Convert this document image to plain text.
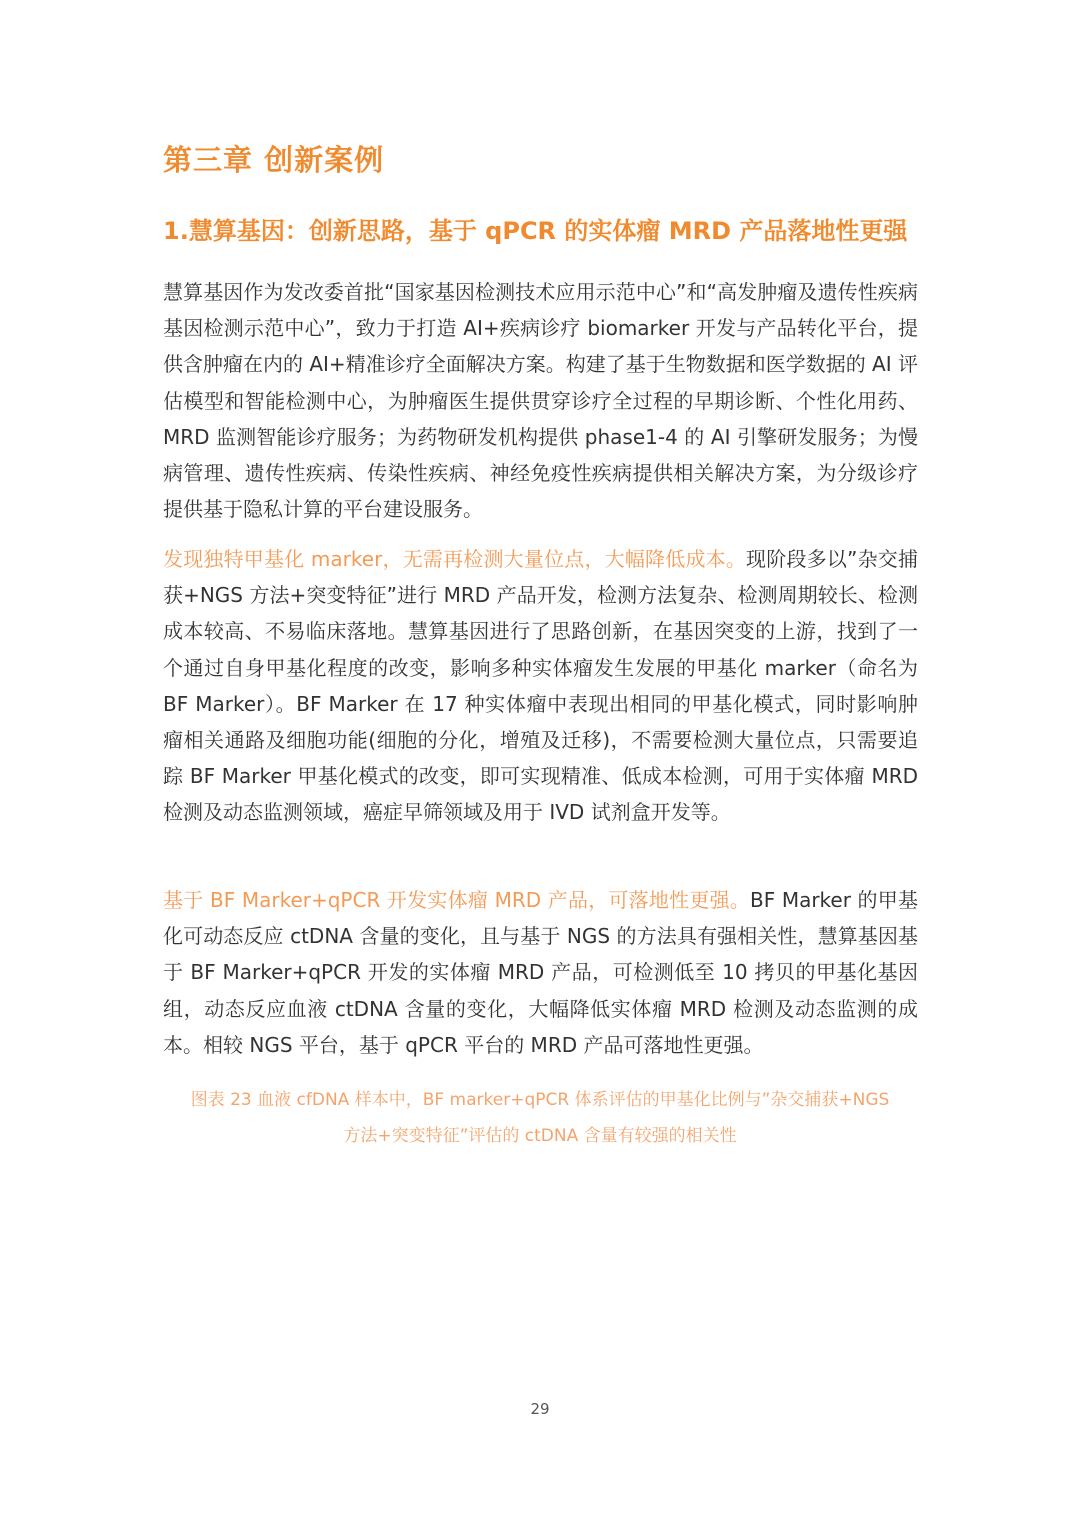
第三章 创新案例
1.慧算基因：创新思路，基于 qPCR 的实体瘤 MRD 产品落地性更强

慧算基因作为发改委首批“国家基因检测技术应用示范中心”和“高发肿瘤及遗传性疾病基因检测示范中心”，致力于打造 AI+疾病诊疗 biomarker 开发与产品转化平台，提供含肿瘤在内的 AI+精准诊疗全面解决方案。构建了基于生物数据和医学数据的 AI 评估模型和智能检测中心，为肿瘤医生提供贯穿诊疗全过程的早期诊断、个性化用药、MRD 监测智能诊疗服务；为药物研发机构提供 phase1-4 的 AI 引擎研发服务；为慢病管理、遗传性疾病、传染性疾病、神经免疫性疾病提供相关解决方案，为分级诊疗提供基于隐私计算的平台建设服务。

发现独特甲基化 marker，无需再检测大量位点，大幅降低成本。现阶段多以”杂交捕获+NGS 方法+突变特征”进行 MRD 产品开发，检测方法复杂、检测周期较长、检测成本较高、不易临床落地。慧算基因进行了思路创新，在基因突变的上游，找到了一个通过自身甲基化程度的改变，影响多种实体瘤发生发展的甲基化 marker（命名为 BF Marker）。BF Marker 在 17 种实体瘤中表现出相同的甲基化模式，同时影响肿瘤相关通路及细胞功能(细胞的分化，增殖及迁移)，不需要检测大量位点，只需要追踪 BF Marker 甲基化模式的改变，即可实现精准、低成本检测，可用于实体瘤 MRD 检测及动态监测领域，癌症早筛领域及用于 IVD 试剂盒开发等。

基于 BF Marker+qPCR 开发实体瘤 MRD 产品，可落地性更强。BF Marker 的甲基化可动态反应 ctDNA 含量的变化，且与基于 NGS 的方法具有强相关性，慧算基因基于 BF Marker+qPCR 开发的实体瘤 MRD 产品，可检测低至 10 拷贝的甲基化基因组，动态反应血液 ctDNA 含量的变化，大幅降低实体瘤 MRD 检测及动态监测的成本。相较 NGS 平台，基于 qPCR 平台的 MRD 产品可落地性更强。

图表 23 血液 cfDNA 样本中，BF marker+qPCR 体系评估的甲基化比例与”杂交捕获+NGS
方法+突变特征”评估的 ctDNA 含量有较强的相关性
29
